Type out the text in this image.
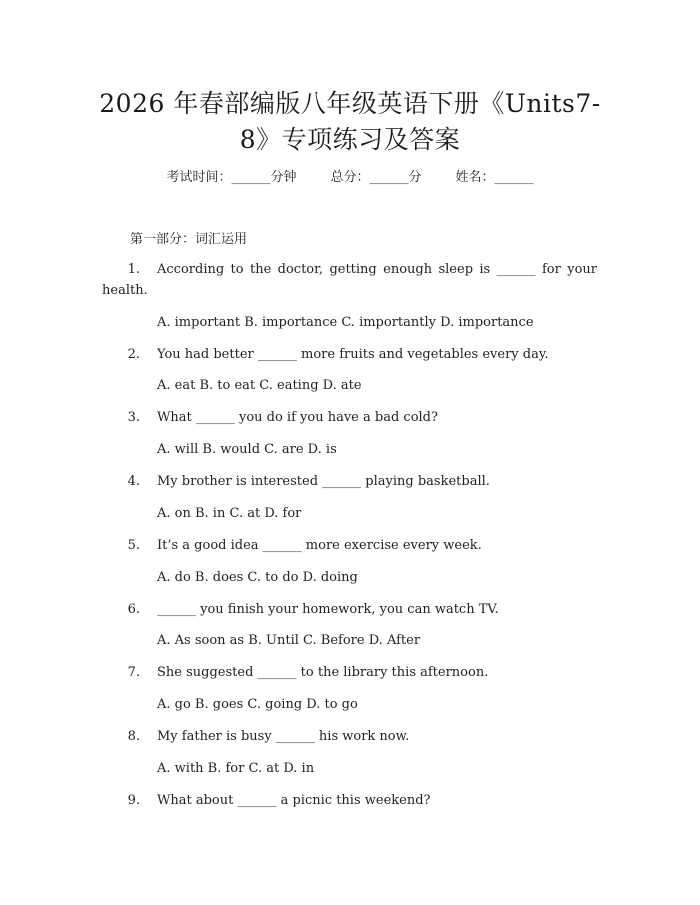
2026 年春部编版八年级英语下册《Units7-
8》专项练习及答案
考试时间：______分钟	总分：______分	姓名：______
第一部分：词汇运用
1. According to the doctor, getting enough sleep is ______ for your
health.
A. important B. importance C. importantly D. importance
2. You had better ______ more fruits and vegetables every day.
A. eat B. to eat C. eating D. ate
3. What ______ you do if you have a bad cold?
A. will B. would C. are D. is
4. My brother is interested ______ playing basketball.
A. on B. in C. at D. for
5. It’s a good idea ______ more exercise every week.
A. do B. does C. to do D. doing
6. ______ you finish your homework, you can watch TV.
A. As soon as B. Until C. Before D. After
7. She suggested ______ to the library this afternoon.
A. go B. goes C. going D. to go
8. My father is busy ______ his work now.
A. with B. for C. at D. in
9. What about ______ a picnic this weekend?
